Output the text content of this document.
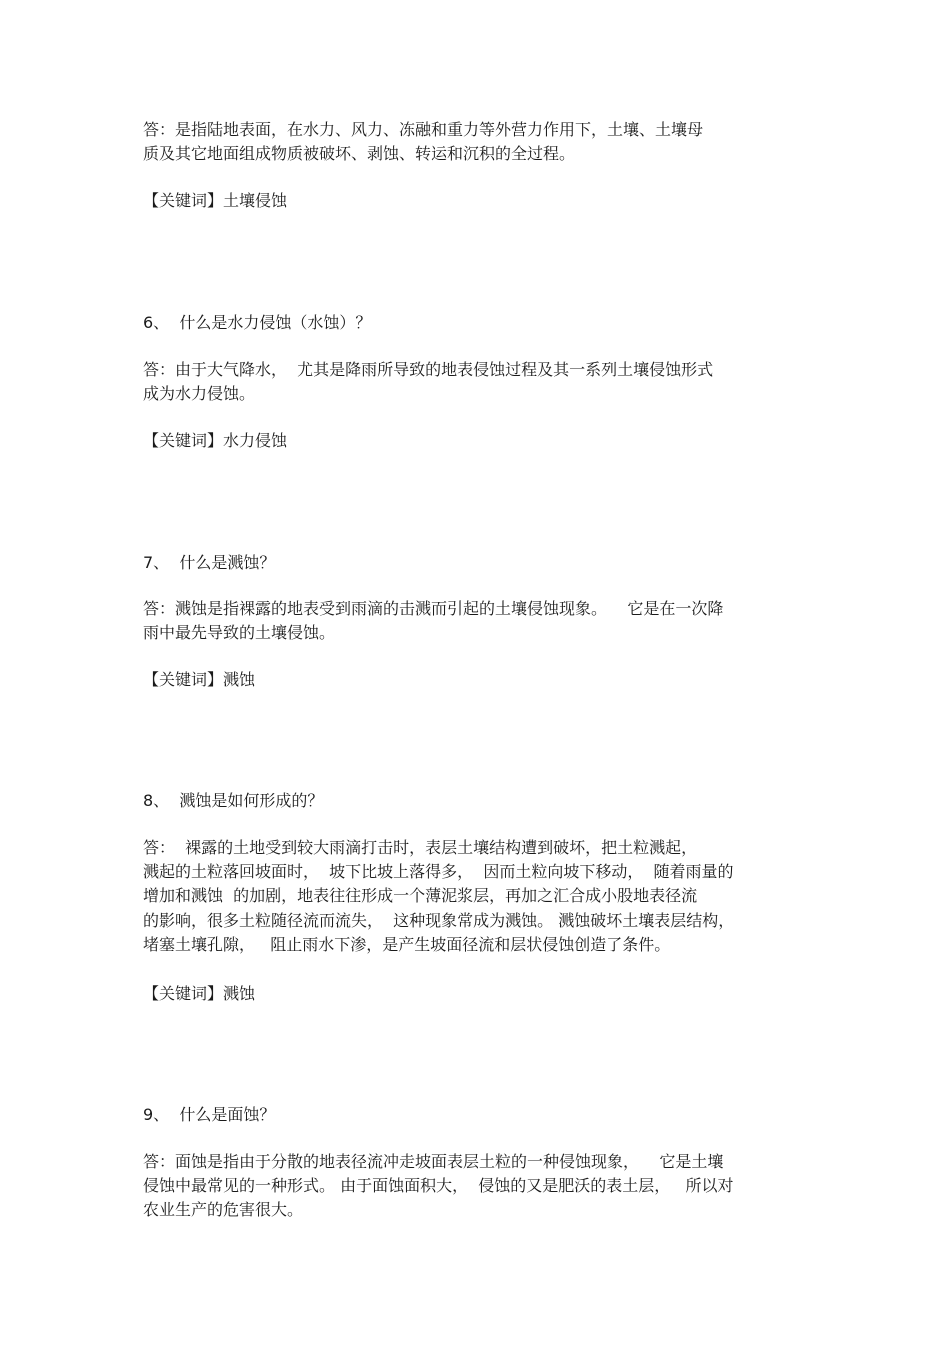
答：是指陆地表面，在水力、风力、冻融和重力等外营力作用下，土壤、土壤母
质及其它地面组成物质被破坏、剥蚀、转运和沉积的全过程。
【关键词】土壤侵蚀
6、  什么是水力侵蚀（水蚀）？
答：由于大气降水，  尤其是降雨所导致的地表侵蚀过程及其一系列土壤侵蚀形式
成为水力侵蚀。
【关键词】水力侵蚀
7、  什么是溅蚀？
答：溅蚀是指裸露的地表受到雨滴的击溅而引起的土壤侵蚀现象。    它是在一次降
雨中最先导致的土壤侵蚀。
【关键词】溅蚀
8、  溅蚀是如何形成的？
答：  裸露的土地受到较大雨滴打击时，表层土壤结构遭到破坏，把土粒溅起，
溅起的土粒落回坡面时，  坡下比坡上落得多，  因而土粒向坡下移动，  随着雨量的
增加和溅蚀  的加剧，地表往往形成一个薄泥浆层，再加之汇合成小股地表径流
的影响，很多土粒随径流而流失，  这种现象常成为溅蚀。 溅蚀破坏土壤表层结构，
堵塞土壤孔隙，   阻止雨水下渗，是产生坡面径流和层状侵蚀创造了条件。
【关键词】溅蚀
9、  什么是面蚀？
答：面蚀是指由于分散的地表径流冲走坡面表层土粒的一种侵蚀现象，    它是土壤
侵蚀中最常见的一种形式。 由于面蚀面积大，  侵蚀的又是肥沃的表土层，   所以对
农业生产的危害很大。
